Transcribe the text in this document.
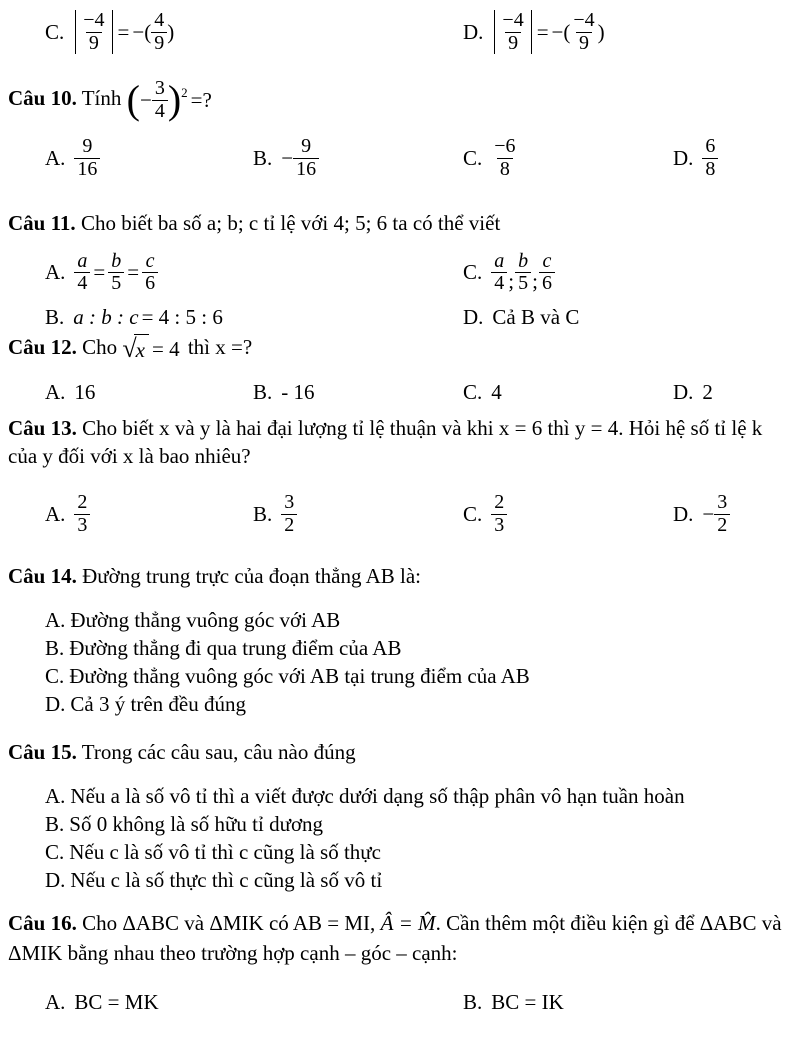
C. $\frac{-4}{9}$ = −( $\frac{4}{9}$ )	D. $\frac{-4}{9}$ = −( $\frac{-4}{9}$ )

Câu 10. Tính ( − $\frac{3}{4}$ ) 2 =?

A. $\frac{9}{16}$	B. − $\frac{9}{16}$	C. $\frac{-6}{8}$	D. $\frac{6}{8}$

Câu 11. Cho biết ba số a; b; c tỉ lệ với 4; 5; 6 ta có thể viết

A. $\frac{a}{4} = \frac{b}{5} = \frac{c}{6}$	C. $\frac{a}{4}$ ; $\frac{b}{5}$ ; $\frac{c}{6}$
B. a : b : c = 4 : 5 : 6	D. Cả B và C

Câu 12. Cho √ x = 4 thì x =?

A. 16	B. - 16	C. 4	D. 2

Câu 13. Cho biết x và y là hai đại lượng tỉ lệ thuận và khi x = 6 thì y = 4. Hỏi hệ số tỉ lệ k của y đối với x là bao nhiêu?

A. $\frac{2}{3}$	B. $\frac{3}{2}$	C. $\frac{2}{3}$	D. − $\frac{3}{2}$

Câu 14. Đường trung trực của đoạn thẳng AB là:

A. Đường thẳng vuông góc với AB

B. Đường thẳng đi qua trung điểm của AB

C. Đường thẳng vuông góc với AB tại trung điểm của AB

D. Cả 3 ý trên đều đúng

Câu 15. Trong các câu sau, câu nào đúng

A. Nếu a là số vô tỉ thì a viết được dưới dạng số thập phân vô hạn tuần hoàn

B. Số 0 không là số hữu tỉ dương

C. Nếu c là số vô tỉ thì c cũng là số thực

D. Nếu c là số thực thì c cũng là số vô tỉ

Câu 16. Cho ΔABC và ΔMIK có AB = MI, Â = M̂. Cần thêm một điều kiện gì để ΔABC và ΔMIK bằng nhau theo trường hợp cạnh – góc – cạnh:

A. BC = MK	B. BC = IK
